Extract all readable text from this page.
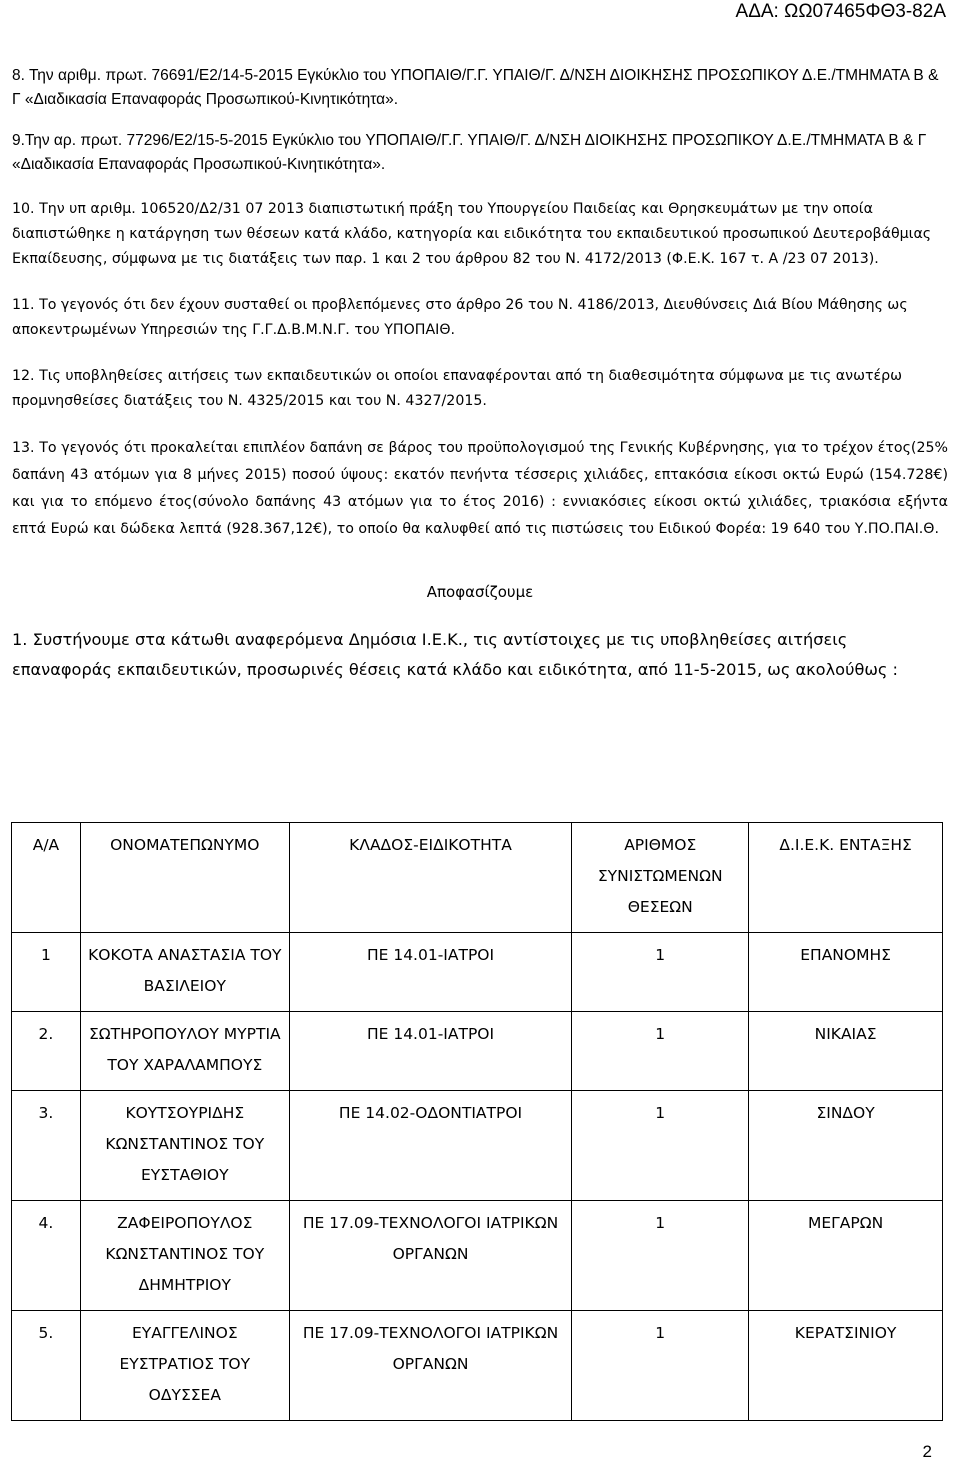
ΑΔΑ: ΩΩ07465ΦΘ3-82Α

8. Την αριθμ. πρωτ. 76691/Ε2/14-5-2015 Εγκύκλιο του ΥΠΟΠΑΙΘ/Γ.Γ. ΥΠΑΙΘ/Γ. Δ/ΝΣΗ ΔΙΟΙΚΗΣΗΣ ΠΡΟΣΩΠΙΚΟΥ Δ.Ε./ΤΜΗΜΑΤΑ Β & Γ «Διαδικασία Επαναφοράς Προσωπικού-Κινητικότητα».

9.Την αρ. πρωτ. 77296/Ε2/15-5-2015 Εγκύκλιο του ΥΠΟΠΑΙΘ/Γ.Γ. ΥΠΑΙΘ/Γ. Δ/ΝΣΗ ΔΙΟΙΚΗΣΗΣ ΠΡΟΣΩΠΙΚΟΥ Δ.Ε./ΤΜΗΜΑΤΑ Β & Γ «Διαδικασία Επαναφοράς Προσωπικού-Κινητικότητα».

10. Την υπ αριθμ. 106520/Δ2/31 07 2013 διαπιστωτική πράξη του Υπουργείου Παιδείας και Θρησκευμάτων με την οποία διαπιστώθηκε η κατάργηση των θέσεων κατά κλάδο, κατηγορία και ειδικότητα του εκπαιδευτικού προσωπικού Δευτεροβάθμιας Εκπαίδευσης, σύμφωνα με τις διατάξεις των παρ. 1 και 2 του άρθρου 82 του Ν. 4172/2013 (Φ.Ε.Κ. 167 τ. Α /23 07 2013).

11. Το γεγονός ότι δεν έχουν συσταθεί οι προβλεπόμενες στο άρθρο 26 του Ν. 4186/2013, Διευθύνσεις Διά Βίου Μάθησης ως αποκεντρωμένων Υπηρεσιών της Γ.Γ.Δ.Β.Μ.Ν.Γ. του ΥΠΟΠΑΙΘ.

12. Τις υποβληθείσες αιτήσεις των εκπαιδευτικών οι οποίοι επαναφέρονται από τη διαθεσιμότητα σύμφωνα με τις ανωτέρω προμνησθείσες διατάξεις του Ν. 4325/2015 και του Ν. 4327/2015.

13. Το γεγονός ότι προκαλείται επιπλέον δαπάνη σε βάρος του προϋπολογισμού της Γενικής Κυβέρνησης, για το τρέχον έτος(25% δαπάνη 43 ατόμων για 8 μήνες 2015) ποσού ύψους: εκατόν πενήντα τέσσερις χιλιάδες, επτακόσια είκοσι οκτώ Ευρώ (154.728€) και για το επόμενο έτος(σύνολο δαπάνης 43 ατόμων για το έτος 2016) : εννιακόσιες είκοσι οκτώ χιλιάδες, τριακόσια εξήντα επτά Ευρώ και δώδεκα λεπτά (928.367,12€), το οποίο θα καλυφθεί από τις πιστώσεις του Ειδικού Φορέα: 19 640 του Υ.ΠΟ.ΠΑΙ.Θ.

Αποφασίζουμε

1. Συστήνουμε στα κάτωθι αναφερόμενα Δημόσια Ι.Ε.Κ., τις αντίστοιχες με τις υποβληθείσες αιτήσεις επαναφοράς εκπαιδευτικών, προσωρινές θέσεις κατά κλάδο και ειδικότητα, από 11-5-2015, ως ακολούθως :

Α/Α	ΟΝΟΜΑΤΕΠΩΝΥΜΟ	ΚΛΑΔΟΣ-ΕΙΔΙΚΟΤΗΤΑ	ΑΡΙΘΜΟΣ ΣΥΝΙΣΤΩΜΕΝΩΝ ΘΕΣΕΩΝ	Δ.Ι.Ε.Κ. ΕΝΤΑΞΗΣ
1	ΚΟΚΟΤΑ ΑΝΑΣΤΑΣΙΑ ΤΟΥ ΒΑΣΙΛΕΙΟΥ	ΠΕ 14.01-ΙΑΤΡΟΙ	1	ΕΠΑΝΟΜΗΣ
2.	ΣΩΤΗΡΟΠΟΥΛΟΥ ΜΥΡΤΙΑ ΤΟΥ ΧΑΡΑΛΑΜΠΟΥΣ	ΠΕ 14.01-ΙΑΤΡΟΙ	1	ΝΙΚΑΙΑΣ
3.	ΚΟΥΤΣΟΥΡΙΔΗΣ ΚΩΝΣΤΑΝΤΙΝΟΣ ΤΟΥ ΕΥΣΤΑΘΙΟΥ	ΠΕ 14.02-ΟΔΟΝΤΙΑΤΡΟΙ	1	ΣΙΝΔΟΥ
4.	ΖΑΦΕΙΡΟΠΟΥΛΟΣ ΚΩΝΣΤΑΝΤΙΝΟΣ ΤΟΥ ΔΗΜΗΤΡΙΟΥ	ΠΕ 17.09-ΤΕΧΝΟΛΟΓΟΙ ΙΑΤΡΙΚΩΝ ΟΡΓΑΝΩΝ	1	ΜΕΓΑΡΩΝ
5.	ΕΥΑΓΓΕΛΙΝΟΣ ΕΥΣΤΡΑΤΙΟΣ ΤΟΥ ΟΔΥΣΣΕΑ	ΠΕ 17.09-ΤΕΧΝΟΛΟΓΟΙ ΙΑΤΡΙΚΩΝ ΟΡΓΑΝΩΝ	1	ΚΕΡΑΤΣΙΝΙΟΥ
2
